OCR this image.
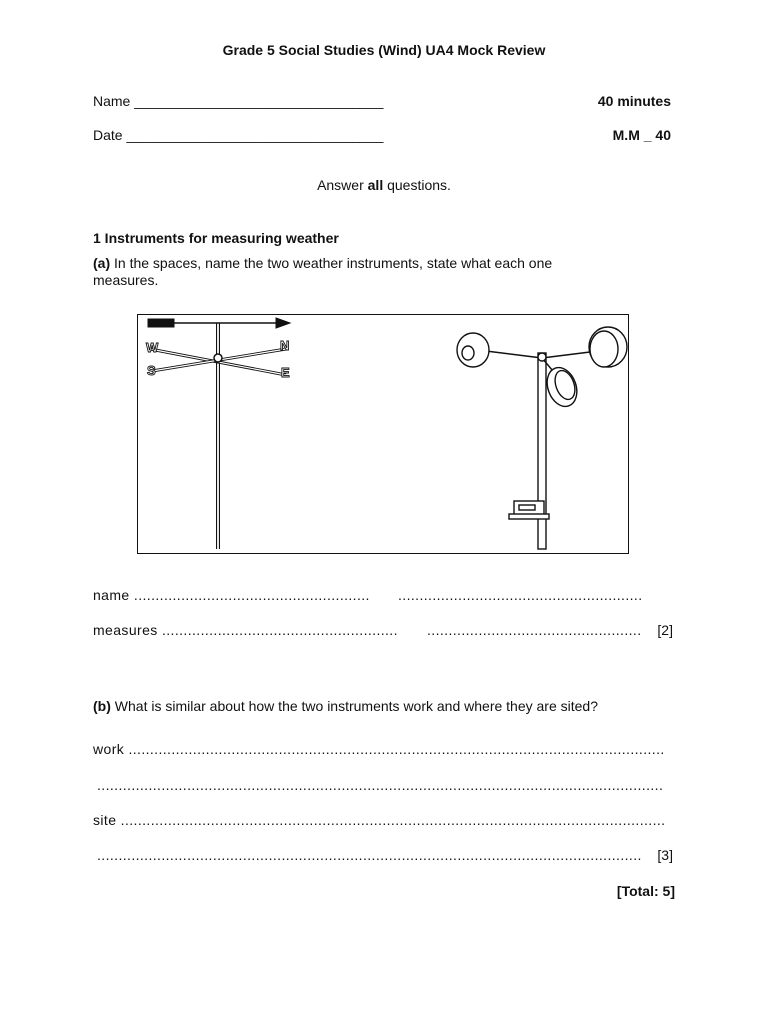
Grade 5 Social Studies (Wind) UA4 Mock Review
Name ________________________________	40 minutes
Date _________________________________	M.M _ 40
Answer all questions.
1 Instruments for measuring weather
(a) In the spaces, name the two weather instruments, state what each one
measures.
W	N
S	E
name ....................................................... .........................................................
measures ....................................................... .................................................. [2]
(b) What is similar about how the two instruments work and where they are sited?
work .............................................................................................................................
....................................................................................................................................
site ...............................................................................................................................
...............................................................................................................................	[3]
[Total: 5]
